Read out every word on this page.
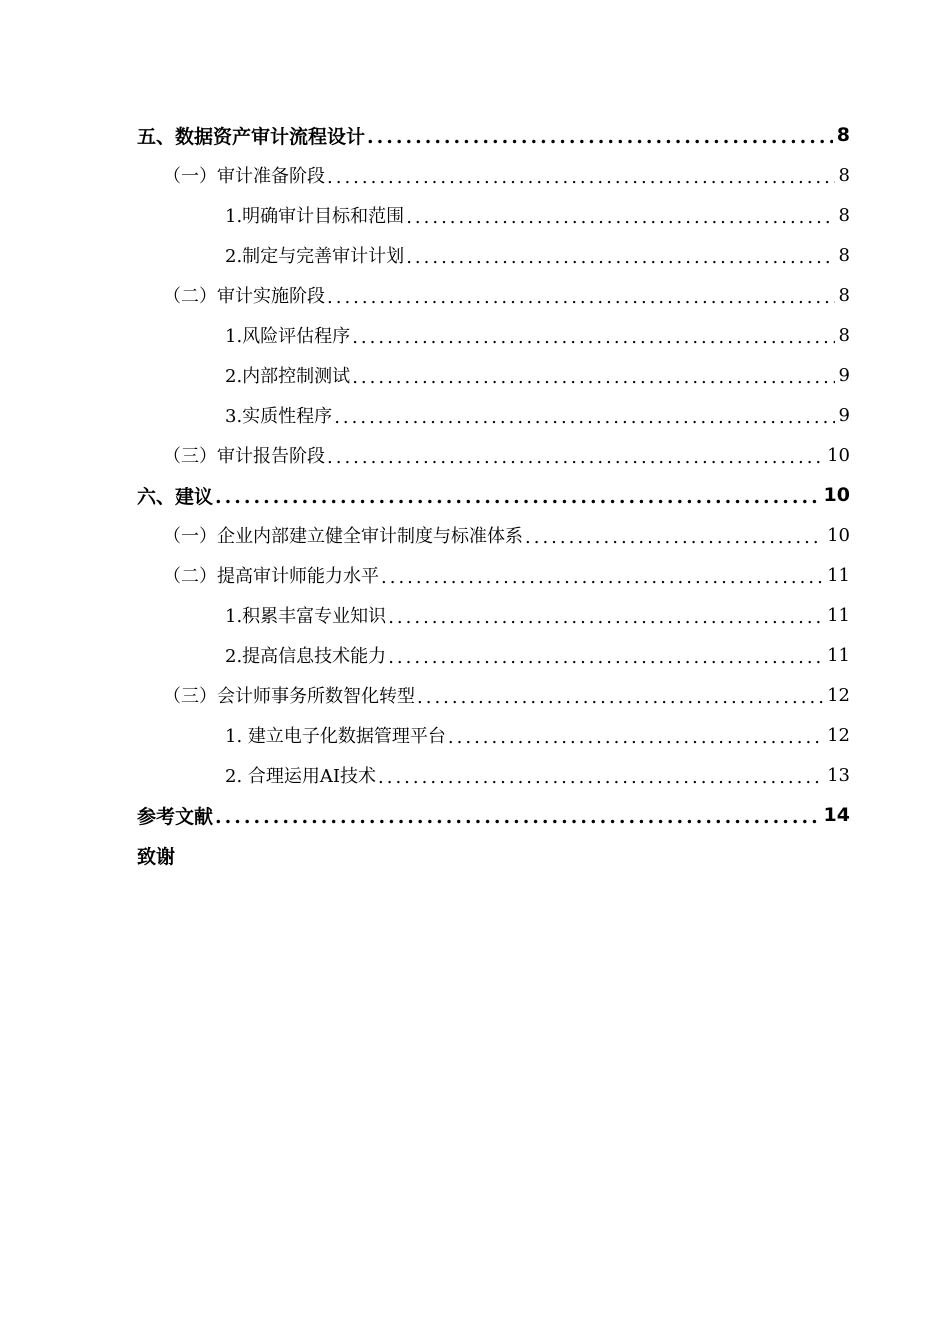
五、数据资产审计流程设计 .....	8
（一）审计准备阶段 .....	8
1.明确审计目标和范围 .....	8
2.制定与完善审计计划 .....	8
（二）审计实施阶段 .....	8
1.风险评估程序 .....	8
2.内部控制测试 .....	9
3.实质性程序 .....	9
（三）审计报告阶段 .....	10
六、建议 .....	10
（一）企业内部建立健全审计制度与标准体系 .....	10
（二）提高审计师能力水平 .....	11
1.积累丰富专业知识 .....	11
2.提高信息技术能力 .....	11
（三）会计师事务所数智化转型 .....	12
1. 建立电子化数据管理平台 .....	12
2. 合理运用AI技术 .....	13
参考文献 .....	14
致谢
